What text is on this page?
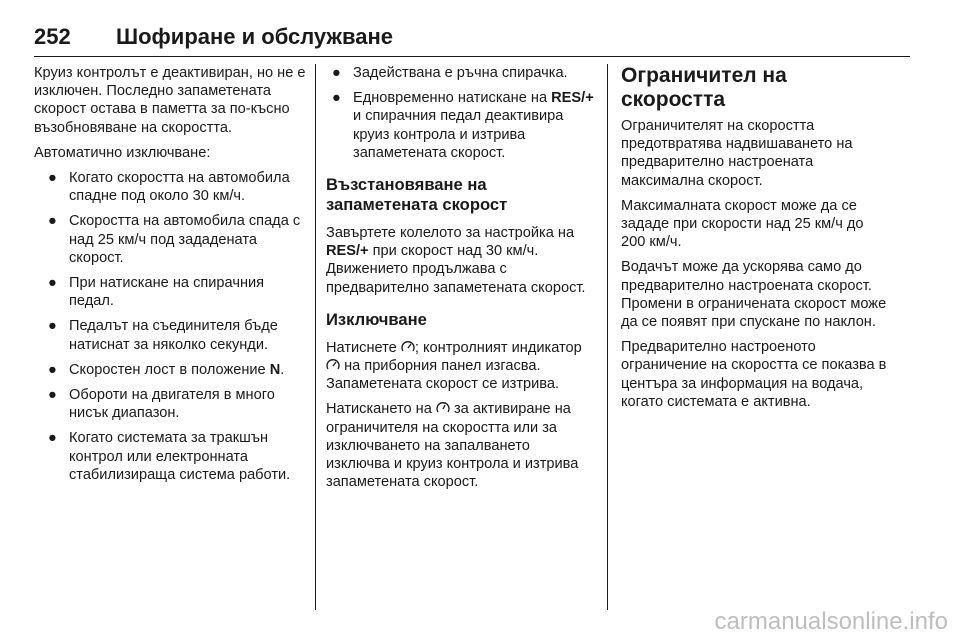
252 Шофиране и обслужване

Круиз контролът е деактивиран, но не е изключен. Последно запаметената скорост остава в паметта за по-късно възобновяване на скоростта.

Автоматично изключване:

● Когато скоростта на автомобила спадне под около 30 км/ч.
● Скоростта на автомобила спада с над 25 км/ч под зададената скорост.
● При натискане на спирачния педал.
● Педалът на съединителя бъде натиснат за няколко секунди.
● Скоростен лост в положение N.
● Обороти на двигателя в много нисък диапазон.
● Когато системата за тракшън контрол или електронната стабилизираща система работи.
● Задействана е ръчна спирачка.
● Едновременно натискане на RES/+ и спирачния педал деактивира круиз контрола и изтрива запаметената скорост.
Възстановяване на запаметената скорост

Завъртете колелото за настройка на RES/+ при скорост над 30 км/ч. Движението продължава с предварително запаметената скорост.

Изключване

Натиснете ; контролният индикатор  на приборния панел изгасва. Запаметената скорост се изтрива.

Натискането на за активиране на ограничителя на скоростта или за изключването на запалването изключва и круиз контрола и изтрива запаметената скорост.

Ограничител на скоростта

Ограничителят на скоростта предотвратява надвишаването на предварително настроената максимална скорост.

Максималната скорост може да се зададе при скорости над 25 км/ч до 200 км/ч.

Водачът може да ускорява само до предварително настроената скорост. Промени в ограничената скорост може да се появят при спускане по наклон.

Предварително настроеното ограничение на скоростта се показва в центъра за информация на водача, когато системата е активна.

carmanualsonline.info
